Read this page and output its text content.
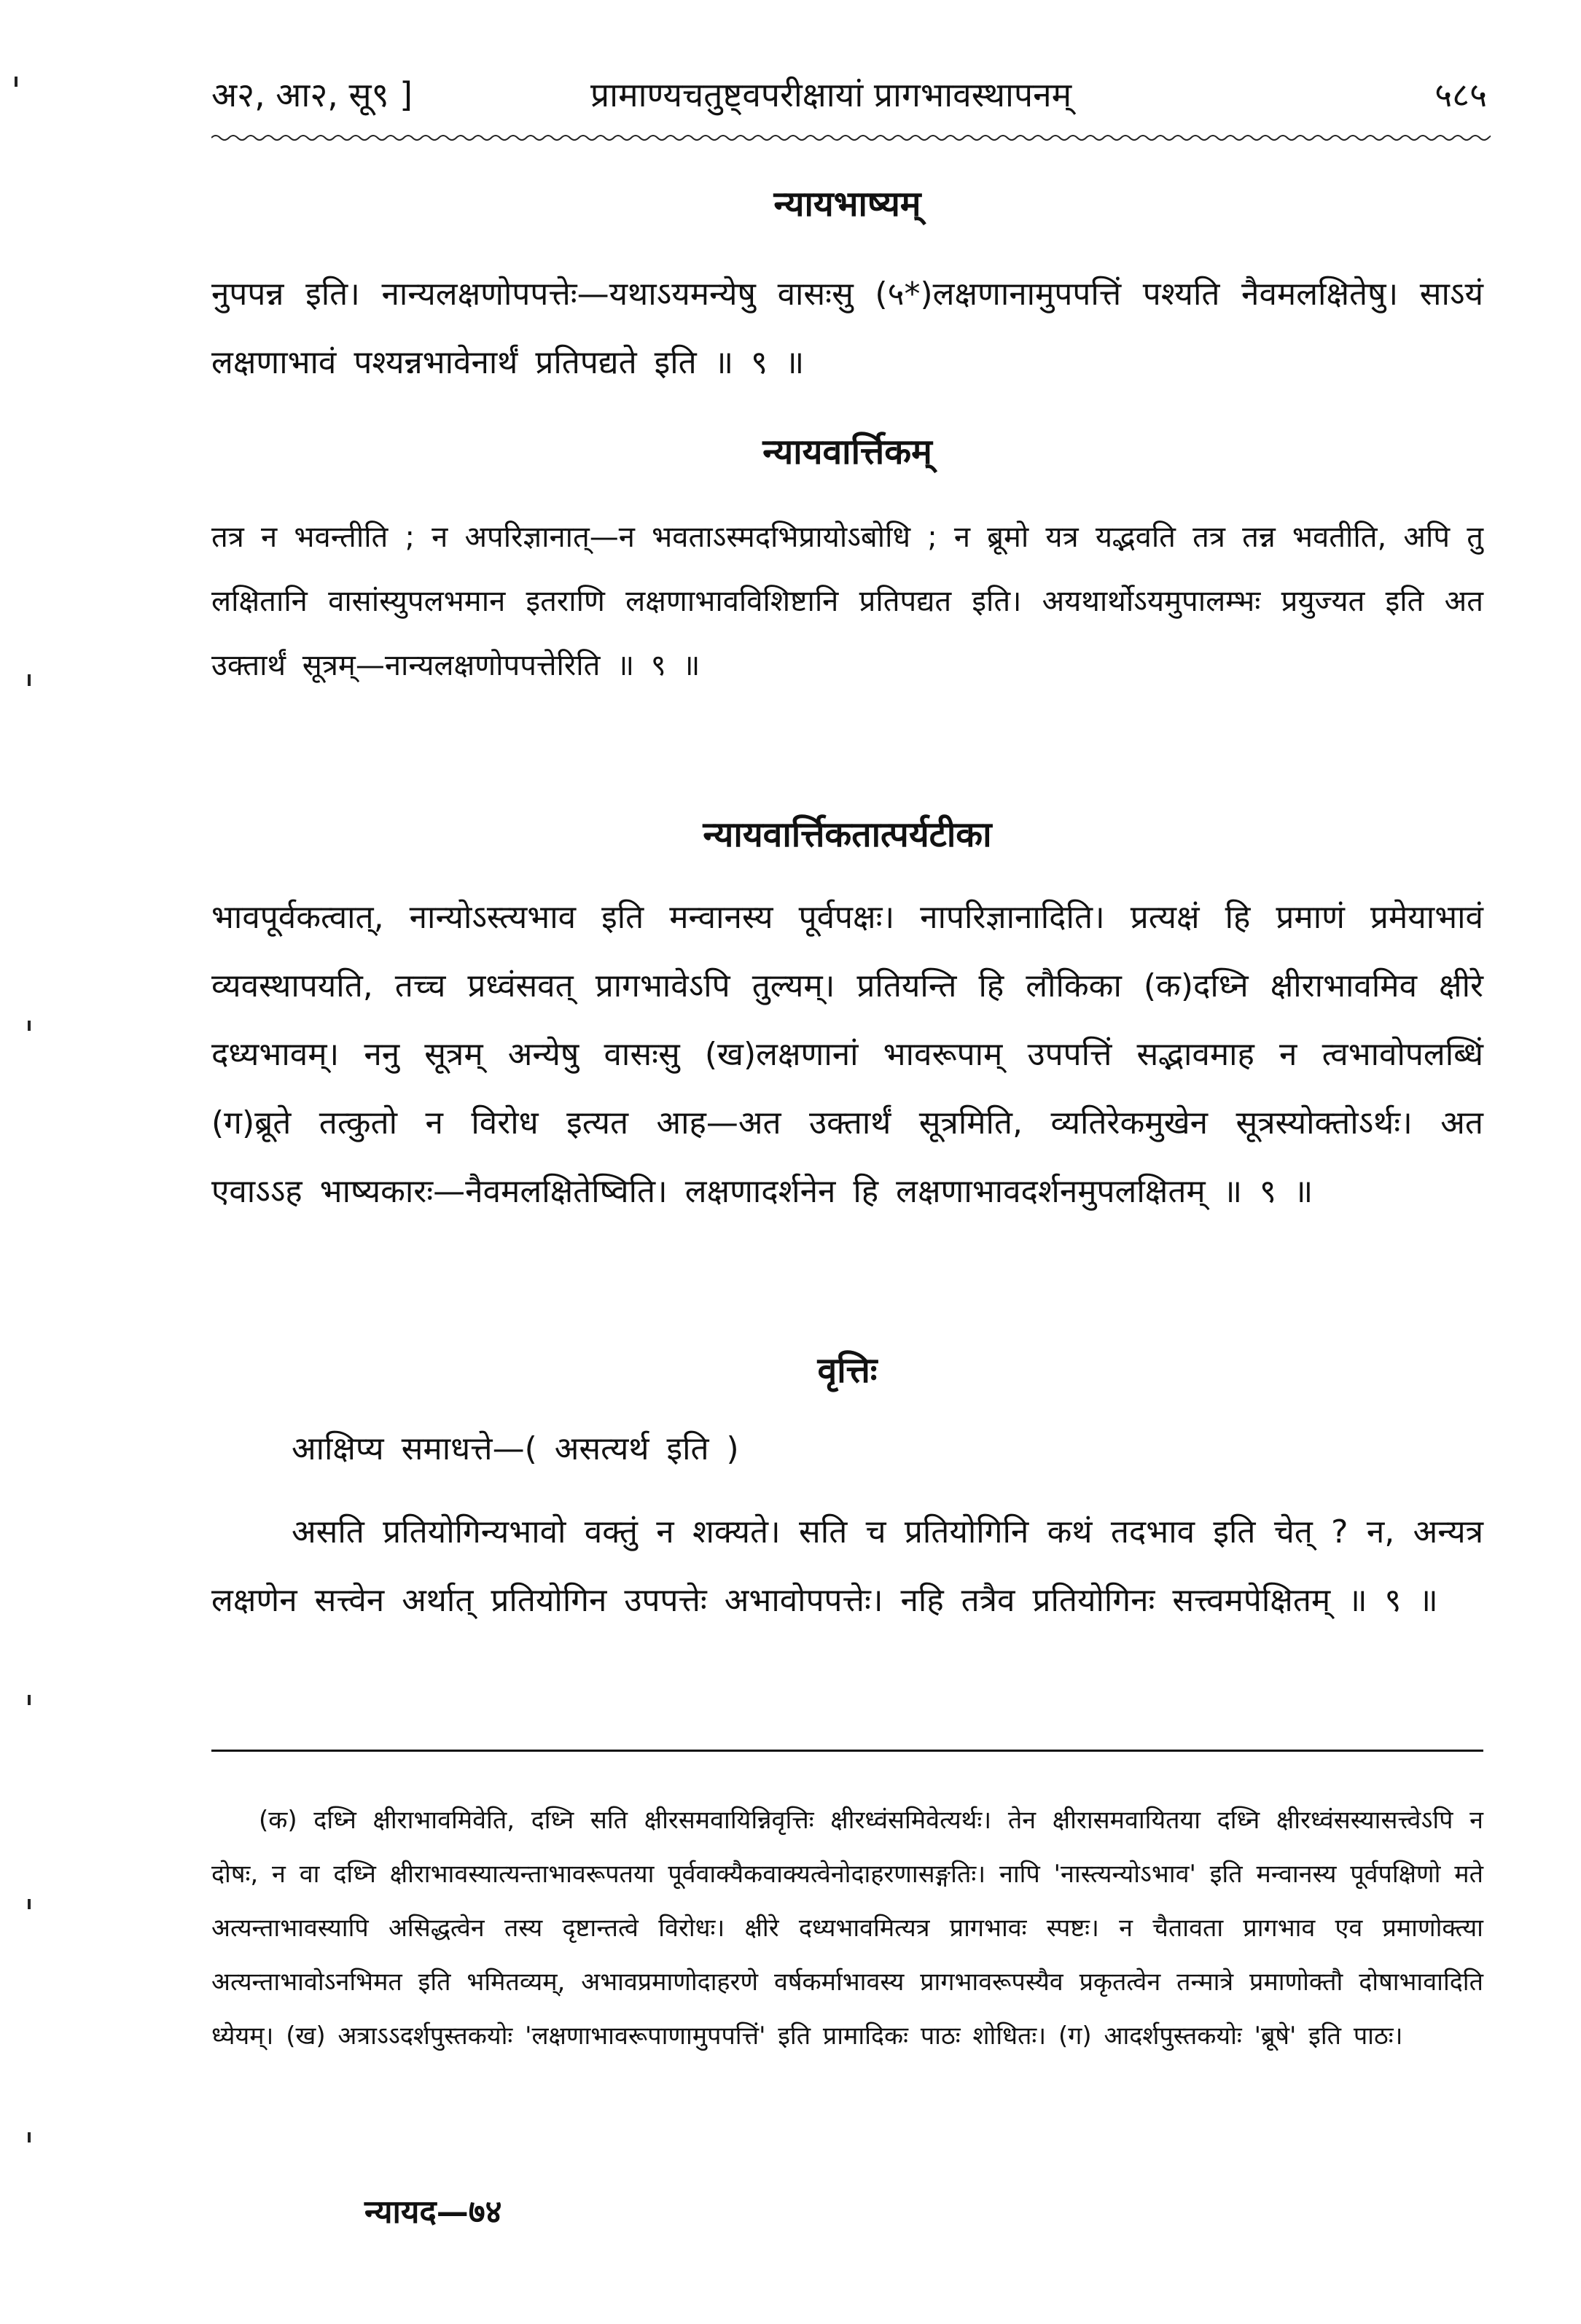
अ२, आ२, सू९ ]	प्रामाण्यचतुष्ट्वपरीक्षायां प्रागभावस्थापनम्	५८५
न्यायभाष्यम्
नुपपन्न इति। नान्यलक्षणोपपत्तेः—यथाऽयमन्येषु वासःसु (५*)लक्षणानामुपपत्तिं पश्यति नैवमलक्षितेषु। साऽयं लक्षणाभावं पश्यन्नभावेनार्थं प्रतिपद्यते इति ॥ ९ ॥
न्यायवार्त्तिकम्
तत्र न भवन्तीति ; न अपरिज्ञानात्—न भवताऽस्मदभिप्रायोऽबोधि ; न ब्रूमो यत्र यद्भवति तत्र तन्न भवतीति, अपि तु लक्षितानि वासांस्युपलभमान इतराणि लक्षणाभावविशिष्टानि प्रतिपद्यत इति। अयथार्थोऽयमुपालम्भः प्रयुज्यत इति अत उक्तार्थं सूत्रम्—नान्यलक्षणोपपत्तेरिति ॥ ९ ॥
न्यायवार्त्तिकतात्पर्यटीका
भावपूर्वकत्वात्, नान्योऽस्त्यभाव इति मन्वानस्य पूर्वपक्षः। नापरिज्ञानादिति। प्रत्यक्षं हि प्रमाणं प्रमेयाभावं व्यवस्थापयति, तच्च प्रध्वंसवत् प्रागभावेऽपि तुल्यम्। प्रतियन्ति हि लौकिका (क)दध्नि क्षीराभावमिव क्षीरे दध्यभावम्। ननु सूत्रम् अन्येषु वासःसु (ख)लक्षणानां भावरूपाम् उपपत्तिं सद्भावमाह न त्वभावोपलब्धिं (ग)ब्रूते तत्कुतो न विरोध इत्यत आह—अत उक्तार्थं सूत्रमिति, व्यतिरेकमुखेन सूत्रस्योक्तोऽर्थः। अत एवाऽऽह भाष्यकारः—नैवमलक्षितेष्विति। लक्षणादर्शनेन हि लक्षणाभावदर्शनमुपलक्षितम् ॥ ९ ॥
वृत्तिः
आक्षिप्य समाधत्ते—( असत्यर्थ इति )
असति प्रतियोगिन्यभावो वक्तुं न शक्यते। सति च प्रतियोगिनि कथं तदभाव इति चेत् ? न, अन्यत्र लक्षणेन सत्त्वेन अर्थात् प्रतियोगिन उपपत्तेः अभावोपपत्तेः। नहि तत्रैव प्रतियोगिनः सत्त्वमपेक्षितम् ॥ ९ ॥
(क) दध्नि क्षीराभावमिवेति, दध्नि सति क्षीरसमवायिन्निवृत्तिः क्षीरध्वंसमिवेत्यर्थः। तेन क्षीरासमवायितया दध्नि क्षीरध्वंसस्यासत्त्वेऽपि न दोषः, न वा दध्नि क्षीराभावस्यात्यन्ताभावरूपतया पूर्ववाक्यैकवाक्यत्वेनोदाहरणासङ्गतिः। नापि 'नास्त्यन्योऽभाव' इति मन्वानस्य पूर्वपक्षिणो मते अत्यन्ताभावस्यापि असिद्धत्वेन तस्य दृष्टान्तत्वे विरोधः। क्षीरे दध्यभावमित्यत्र प्रागभावः स्पष्टः। न चैतावता प्रागभाव एव प्रमाणोक्त्या अत्यन्ताभावोऽनभिमत इति भमितव्यम्, अभावप्रमाणोदाहरणे वर्षकर्माभावस्य प्रागभावरूपस्यैव प्रकृतत्वेन तन्मात्रे प्रमाणोक्तौ दोषाभावादिति ध्येयम्। (ख) अत्राऽऽदर्शपुस्तकयोः 'लक्षणाभावरूपाणामुपपत्तिं' इति प्रामादिकः पाठः शोधितः। (ग) आदर्शपुस्तकयोः 'ब्रूषे' इति पाठः।
न्यायद—७४
